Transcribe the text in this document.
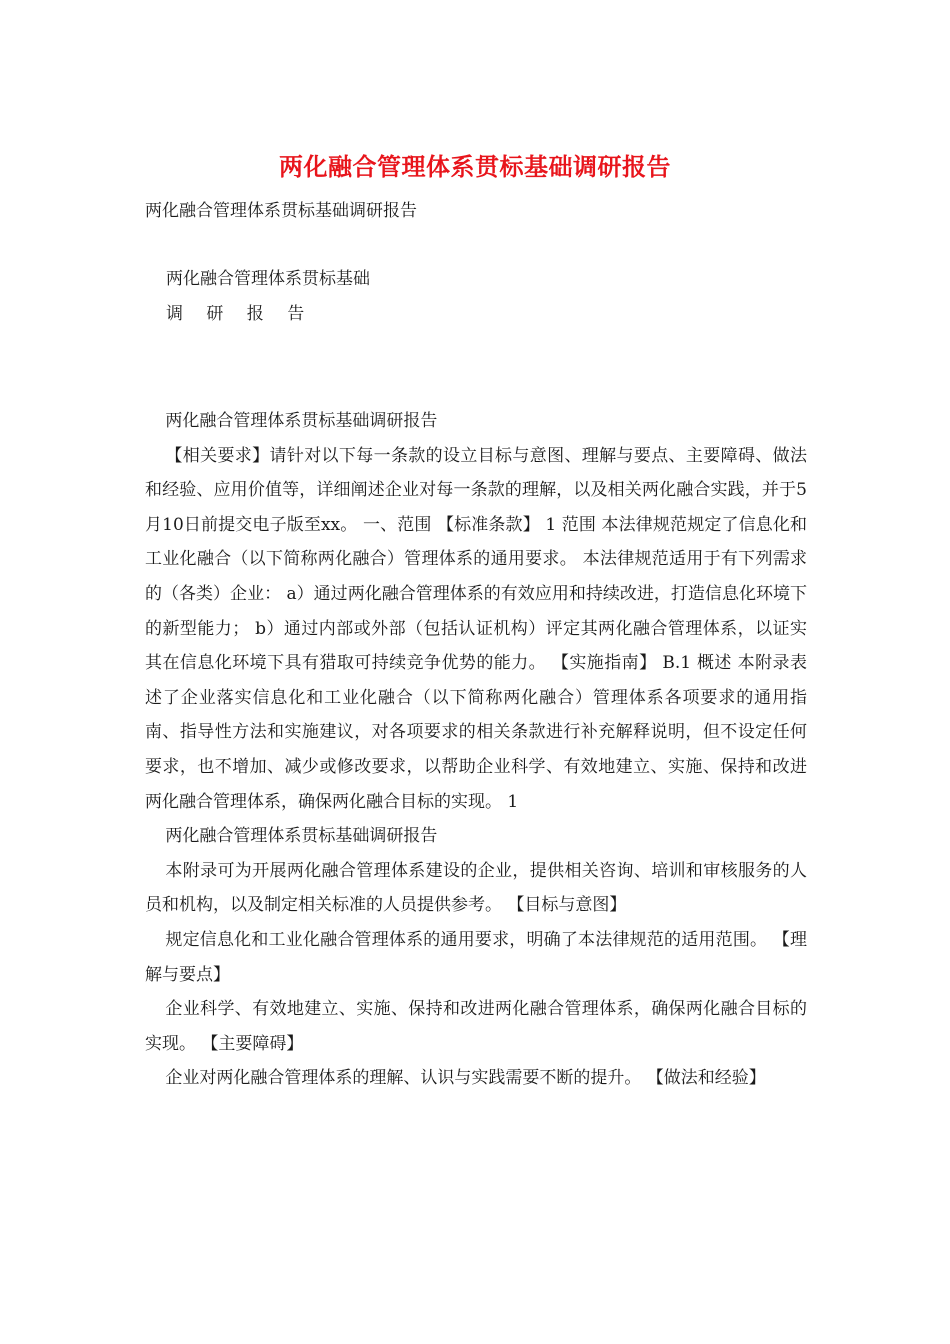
两化融合管理体系贯标基础调研报告

两化融合管理体系贯标基础调研报告

两化融合管理体系贯标基础

调 研 报 告

两化融合管理体系贯标基础调研报告

【相关要求】请针对以下每一条款的设立目标与意图、理解与要点、主要障碍、做法和经验、应用价值等，详细阐述企业对每一条款的理解，以及相关两化融合实践，并于5月10日前提交电子版至xx。 一、范围 【标准条款】 1 范围 本法律规范规定了信息化和工业化融合（以下简称两化融合）管理体系的通用要求。 本法律规范适用于有下列需求的（各类）企业： a）通过两化融合管理体系的有效应用和持续改进，打造信息化环境下的新型能力； b）通过内部或外部（包括认证机构）评定其两化融合管理体系，以证实其在信息化环境下具有猎取可持续竞争优势的能力。 【实施指南】 B.1 概述 本附录表述了企业落实信息化和工业化融合（以下简称两化融合）管理体系各项要求的通用指南、指导性方法和实施建议，对各项要求的相关条款进行补充解释说明，但不设定任何要求，也不增加、减少或修改要求，以帮助企业科学、有效地建立、实施、保持和改进两化融合管理体系，确保两化融合目标的实现。 1

两化融合管理体系贯标基础调研报告

本附录可为开展两化融合管理体系建设的企业，提供相关咨询、培训和审核服务的人员和机构，以及制定相关标准的人员提供参考。 【目标与意图】

规定信息化和工业化融合管理体系的通用要求，明确了本法律规范的适用范围。 【理解与要点】

企业科学、有效地建立、实施、保持和改进两化融合管理体系，确保两化融合目标的实现。 【主要障碍】

企业对两化融合管理体系的理解、认识与实践需要不断的提升。 【做法和经验】
